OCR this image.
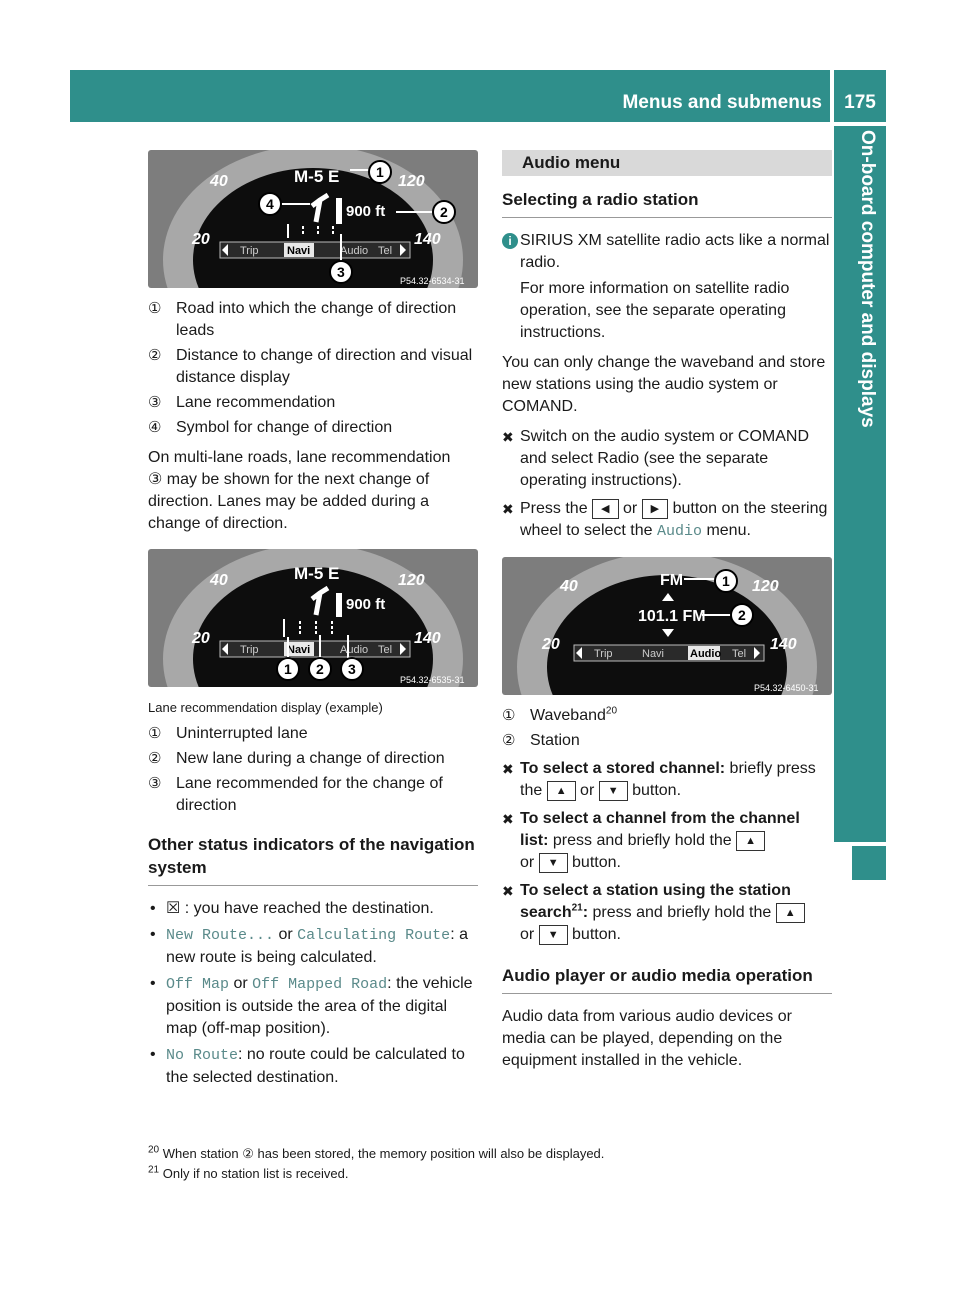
Menus and submenus	175
On-board computer and displays
40
20
120
140
M-5 E
900 ft
Trip	Navi	Audio Tel
1
2
3
4
P54.32-6534-31
① Road into which the change of direction leads
② Distance to change of direction and visual distance display
③ Lane recommendation
④ Symbol for change of direction

On multi-lane roads, lane recommendation
③ may be shown for the next change of direction. Lanes may be added during a change of direction.

40
20
120
140
M-5 E
900 ft
Trip	Navi	Audio Tel
1 2 3
P54.32-6535-31
Lane recommendation display (example)
① Uninterrupted lane
② New lane during a change of direction
③ Lane recommended for the change of direction
Other status indicators of the navigation system
• ☒ : you have reached the destination.
• New Route... or Calculating Route: a new route is being calculated.
• Off Map or Off Mapped Road: the vehicle position is outside the area of the digital map (off-map position).
• No Route: no route could be calculated to the selected destination.
Audio menu
Selecting a radio station
i SIRIUS XM satellite radio acts like a normal radio.

For more information on satellite radio operation, see the separate operating instructions.

You can only change the waveband and store new stations using the audio system or COMAND.

✖ Switch on the audio system or COMAND and select Radio (see the separate operating instructions).
✖ Press the ◀ or ▶ button on the steering wheel to select the Audio menu.
40
20
120
140
FM
101.1 FM
Trip	Navi Audio Tel
1
2
P54.32-6450-31
① Waveband$^{20}$
② Station
✖ To select a stored channel: briefly press the ▲ or ▼ button.
✖ To select a channel from the channel list: press and briefly hold the ▲
or ▼ button.
✖ To select a station using the station search$^{21}$: press and briefly hold the ▲
or ▼ button.
Audio player or audio media operation

Audio data from various audio devices or media can be played, depending on the equipment installed in the vehicle.

$^{20}$ When station ② has been stored, the memory position will also be displayed.
$^{21}$ Only if no station list is received.
